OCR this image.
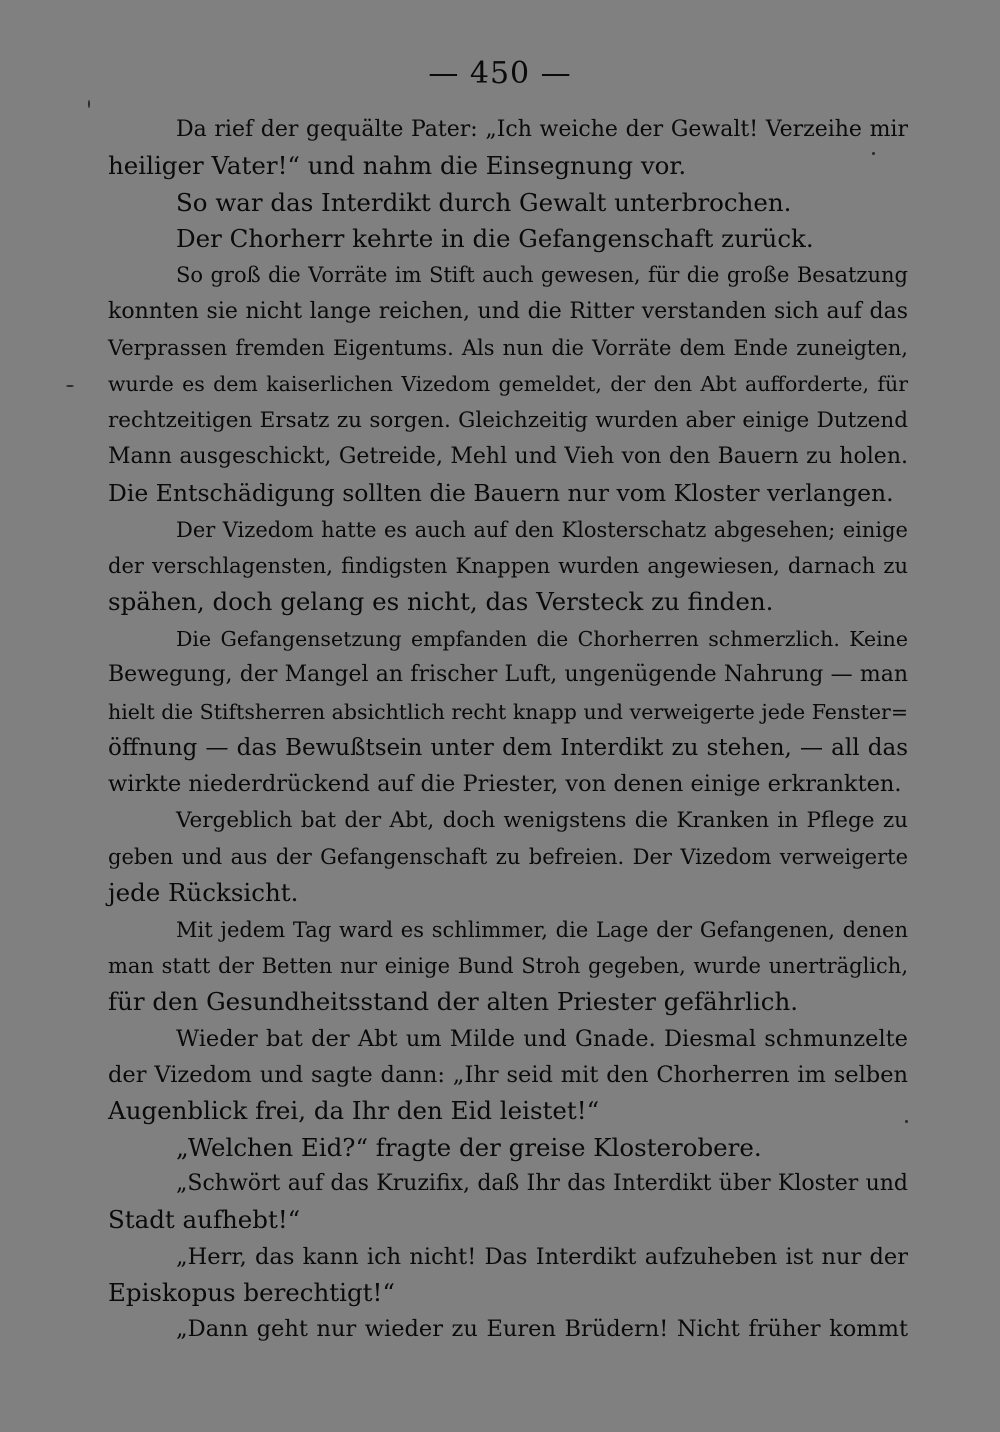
— 450 —
Da rief der gequälte Pater: „Ich weiche der Gewalt! Verzeihe mir
heiliger Vater!“ und nahm die Einsegnung vor.
So war das Interdikt durch Gewalt unterbrochen.
Der Chorherr kehrte in die Gefangenschaft zurück.
So groß die Vorräte im Stift auch gewesen, für die große Besatzung
konnten sie nicht lange reichen, und die Ritter verstanden sich auf das
Verprassen fremden Eigentums. Als nun die Vorräte dem Ende zuneigten,
wurde es dem kaiserlichen Vizedom gemeldet, der den Abt aufforderte, für
rechtzeitigen Ersatz zu sorgen. Gleichzeitig wurden aber einige Dutzend
Mann ausgeschickt, Getreide, Mehl und Vieh von den Bauern zu holen.
Die Entschädigung sollten die Bauern nur vom Kloster verlangen.
Der Vizedom hatte es auch auf den Klosterschatz abgesehen; einige
der verschlagensten, findigsten Knappen wurden angewiesen, darnach zu
spähen, doch gelang es nicht, das Versteck zu finden.
Die Gefangensetzung empfanden die Chorherren schmerzlich. Keine
Bewegung, der Mangel an frischer Luft, ungenügende Nahrung — man
hielt die Stiftsherren absichtlich recht knapp und verweigerte jede Fenster=
öffnung — das Bewußtsein unter dem Interdikt zu stehen, — all das
wirkte niederdrückend auf die Priester, von denen einige erkrankten.
Vergeblich bat der Abt, doch wenigstens die Kranken in Pflege zu
geben und aus der Gefangenschaft zu befreien. Der Vizedom verweigerte
jede Rücksicht.
Mit jedem Tag ward es schlimmer, die Lage der Gefangenen, denen
man statt der Betten nur einige Bund Stroh gegeben, wurde unerträglich,
für den Gesundheitsstand der alten Priester gefährlich.
Wieder bat der Abt um Milde und Gnade. Diesmal schmunzelte
der Vizedom und sagte dann: „Ihr seid mit den Chorherren im selben
Augenblick frei, da Ihr den Eid leistet!“
„Welchen Eid?“ fragte der greise Klosterobere.
„Schwört auf das Kruzifix, daß Ihr das Interdikt über Kloster und
Stadt aufhebt!“
„Herr, das kann ich nicht! Das Interdikt aufzuheben ist nur der
Episkopus berechtigt!“
„Dann geht nur wieder zu Euren Brüdern! Nicht früher kommt
